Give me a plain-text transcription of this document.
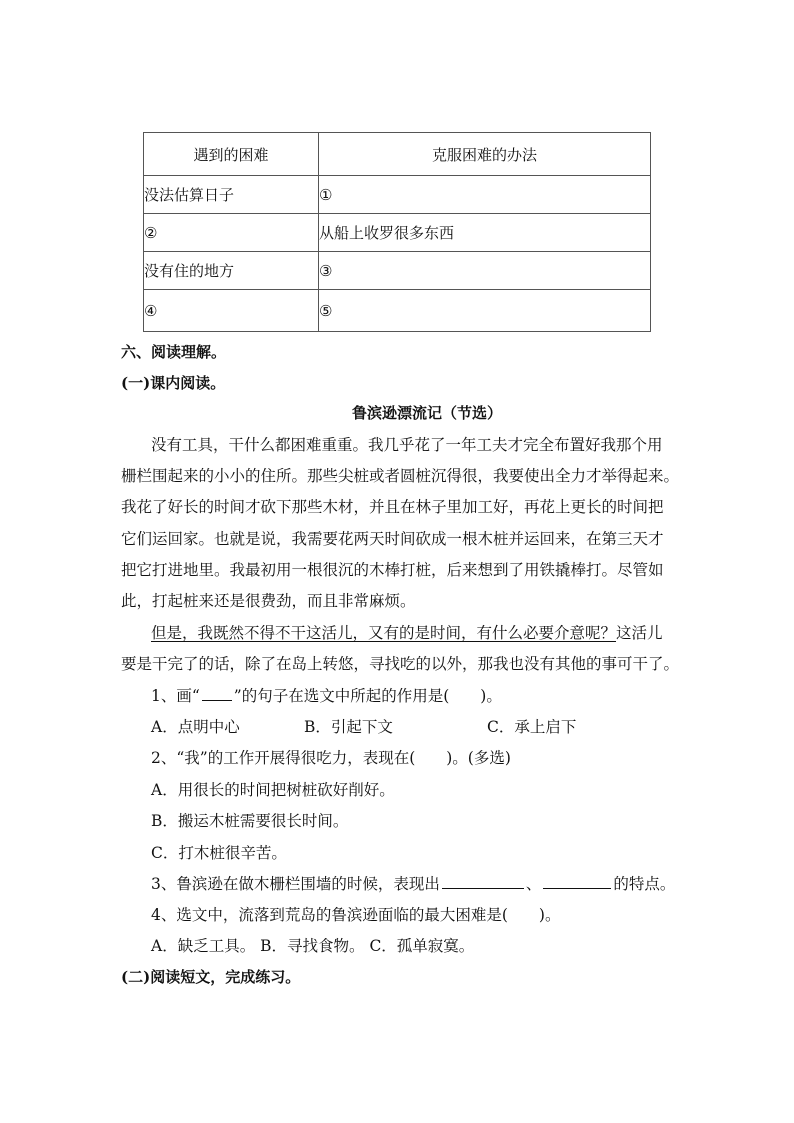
遇到的困难	克服困难的办法
没法估算日子	①
②	从船上收罗很多东西
没有住的地方	③
④	⑤
六、阅读理解。
(一)课内阅读。
鲁滨逊漂流记（节选）
没有工具，干什么都困难重重。我几乎花了一年工夫才完全布置好我那个用
栅栏围起来的小小的住所。那些尖桩或者圆桩沉得很，我要使出全力才举得起来。
我花了好长的时间才砍下那些木材，并且在林子里加工好，再花上更长的时间把
它们运回家。也就是说，我需要花两天时间砍成一根木桩并运回来，在第三天才
把它打进地里。我最初用一根很沉的木棒打桩，后来想到了用铁撬棒打。尽管如
此，打起桩来还是很费劲，而且非常麻烦。
但是，我既然不得不干这活儿，又有的是时间，有什么必要介意呢？这活儿
要是干完了的话，除了在岛上转悠，寻找吃的以外，那我也没有其他的事可干了。
1、画“ ”的句子在选文中所起的作用是(　　)。
A．点明中心	B．引起下文	C．承上启下
2、“我”的工作开展得很吃力，表现在(　　)。(多选)
A．用很长的时间把树桩砍好削好。
B．搬运木桩需要很长时间。
C．打木桩很辛苦。
3、鲁滨逊在做木栅栏围墙的时候，表现出	、	的特点。
4、选文中，流落到荒岛的鲁滨逊面临的最大困难是(　　)。
A．缺乏工具。 B．寻找食物。 C．孤单寂寞。
(二)阅读短文，完成练习。
